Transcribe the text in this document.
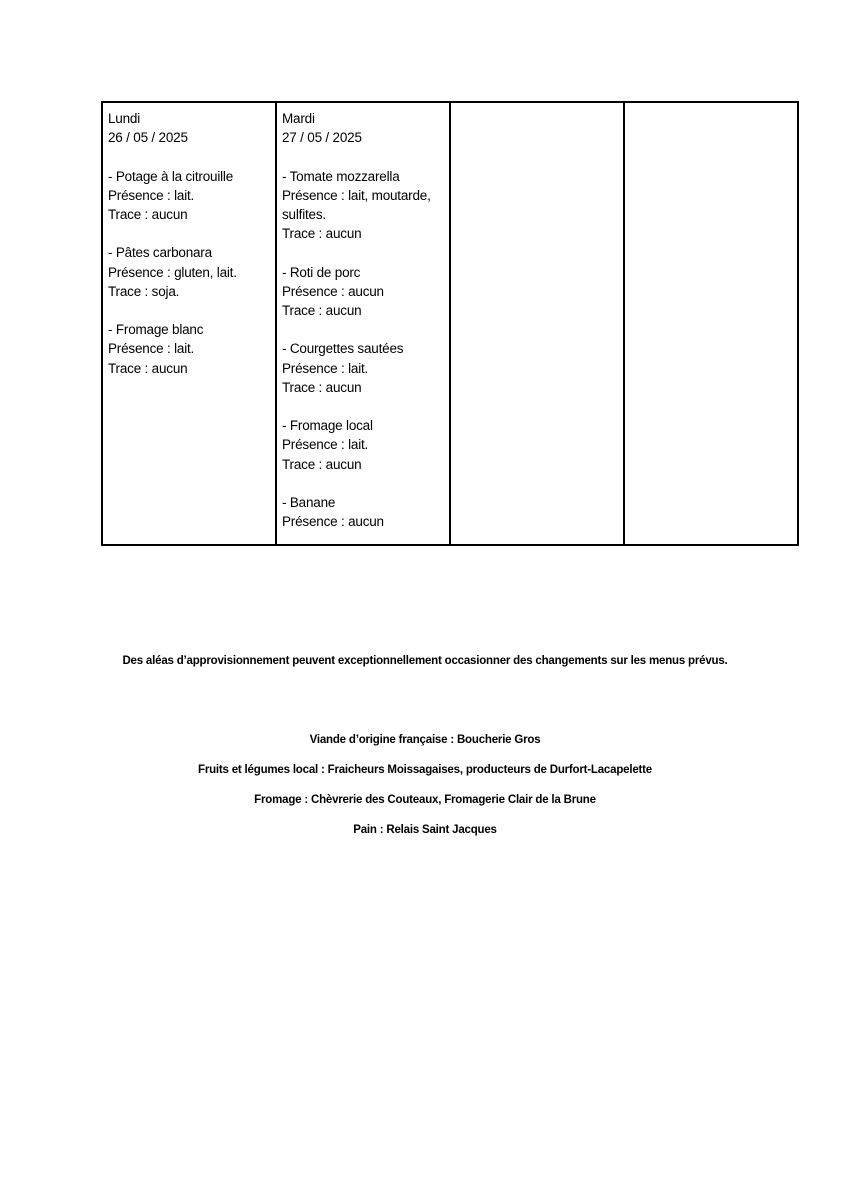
Lundi
26 / 05 / 2025
- Potage à la citrouille
Présence : lait.
Trace : aucun
- Pâtes carbonara
Présence : gluten, lait.
Trace : soja.
- Fromage blanc
Présence : lait.
Trace : aucun

Mardi
27 / 05 / 2025
- Tomate mozzarella
Présence : lait, moutarde, sulfites.
Trace : aucun
- Roti de porc
Présence : aucun
Trace : aucun
- Courgettes sautées
Présence : lait.
Trace : aucun
- Fromage local
Présence : lait.
Trace : aucun
- Banane
Présence : aucun

Des aléas d’approvisionnement peuvent exceptionnellement occasionner des changements sur les menus prévus.
Viande d’origine française : Boucherie Gros
Fruits et légumes local : Fraicheurs Moissagaises, producteurs de Durfort-Lacapelette
Fromage : Chèvrerie des Couteaux, Fromagerie Clair de la Brune
Pain : Relais Saint Jacques
